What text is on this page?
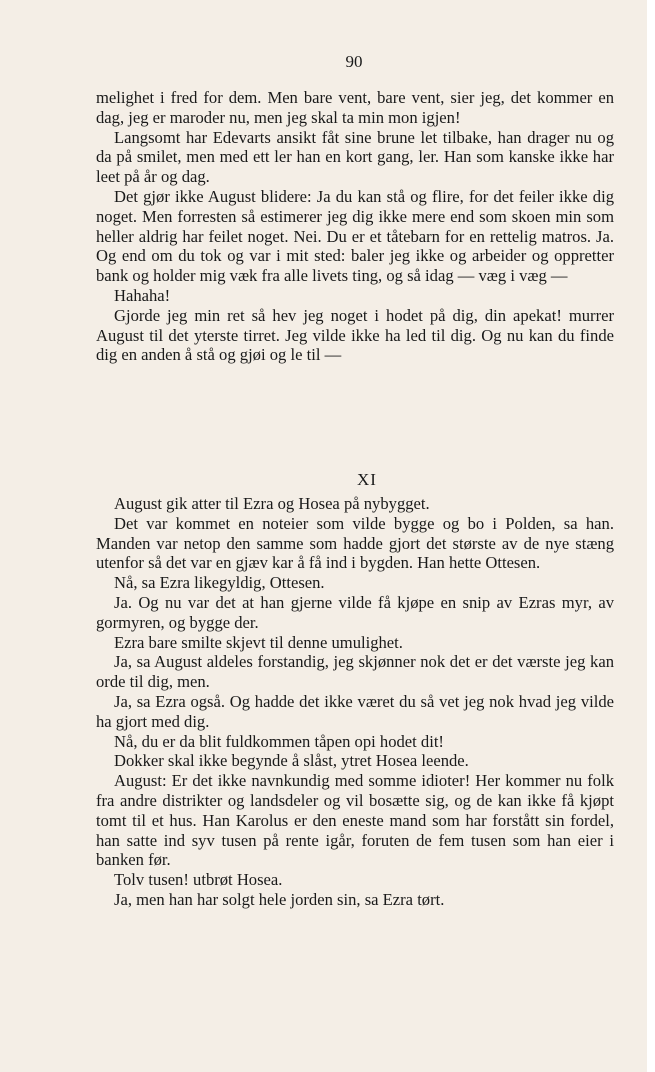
90

melighet i fred for dem. Men bare vent, bare vent, sier jeg, det kommer en dag, jeg er maroder nu, men jeg skal ta min mon igjen!

Langsomt har Edevarts ansikt fåt sine brune let tilbake, han drager nu og da på smilet, men med ett ler han en kort gang, ler. Han som kanske ikke har leet på år og dag.

Det gjør ikke August blidere: Ja du kan stå og flire, for det feiler ikke dig noget. Men forresten så estimerer jeg dig ikke mere end som skoen min som heller aldrig har feilet noget. Nei. Du er et tåtebarn for en rettelig matros. Ja. Og end om du tok og var i mit sted: baler jeg ikke og arbeider og oppretter bank og holder mig væk fra alle livets ting, og så idag — væg i væg —

Hahaha!

Gjorde jeg min ret så hev jeg noget i hodet på dig, din apekat! murrer August til det yterste tirret. Jeg vilde ikke ha led til dig. Og nu kan du finde dig en anden å stå og gjøi og le til —

XI

August gik atter til Ezra og Hosea på nybygget.

Det var kommet en noteier som vilde bygge og bo i Polden, sa han. Manden var netop den samme som hadde gjort det største av de nye stæng utenfor så det var en gjæv kar å få ind i bygden. Han hette Ottesen.

Nå, sa Ezra likegyldig, Ottesen.

Ja. Og nu var det at han gjerne vilde få kjøpe en snip av Ezras myr, av gormyren, og bygge der.

Ezra bare smilte skjevt til denne umulighet.

Ja, sa August aldeles forstandig, jeg skjønner nok det er det værste jeg kan orde til dig, men.

Ja, sa Ezra også. Og hadde det ikke været du så vet jeg nok hvad jeg vilde ha gjort med dig.

Nå, du er da blit fuldkommen tåpen opi hodet dit!

Dokker skal ikke begynde å slåst, ytret Hosea leende.

August: Er det ikke navnkundig med somme idioter! Her kommer nu folk fra andre distrikter og landsdeler og vil bosætte sig, og de kan ikke få kjøpt tomt til et hus. Han Karolus er den eneste mand som har forstått sin fordel, han satte ind syv tusen på rente igår, foruten de fem tusen som han eier i banken før.

Tolv tusen! utbrøt Hosea.

Ja, men han har solgt hele jorden sin, sa Ezra tørt.
